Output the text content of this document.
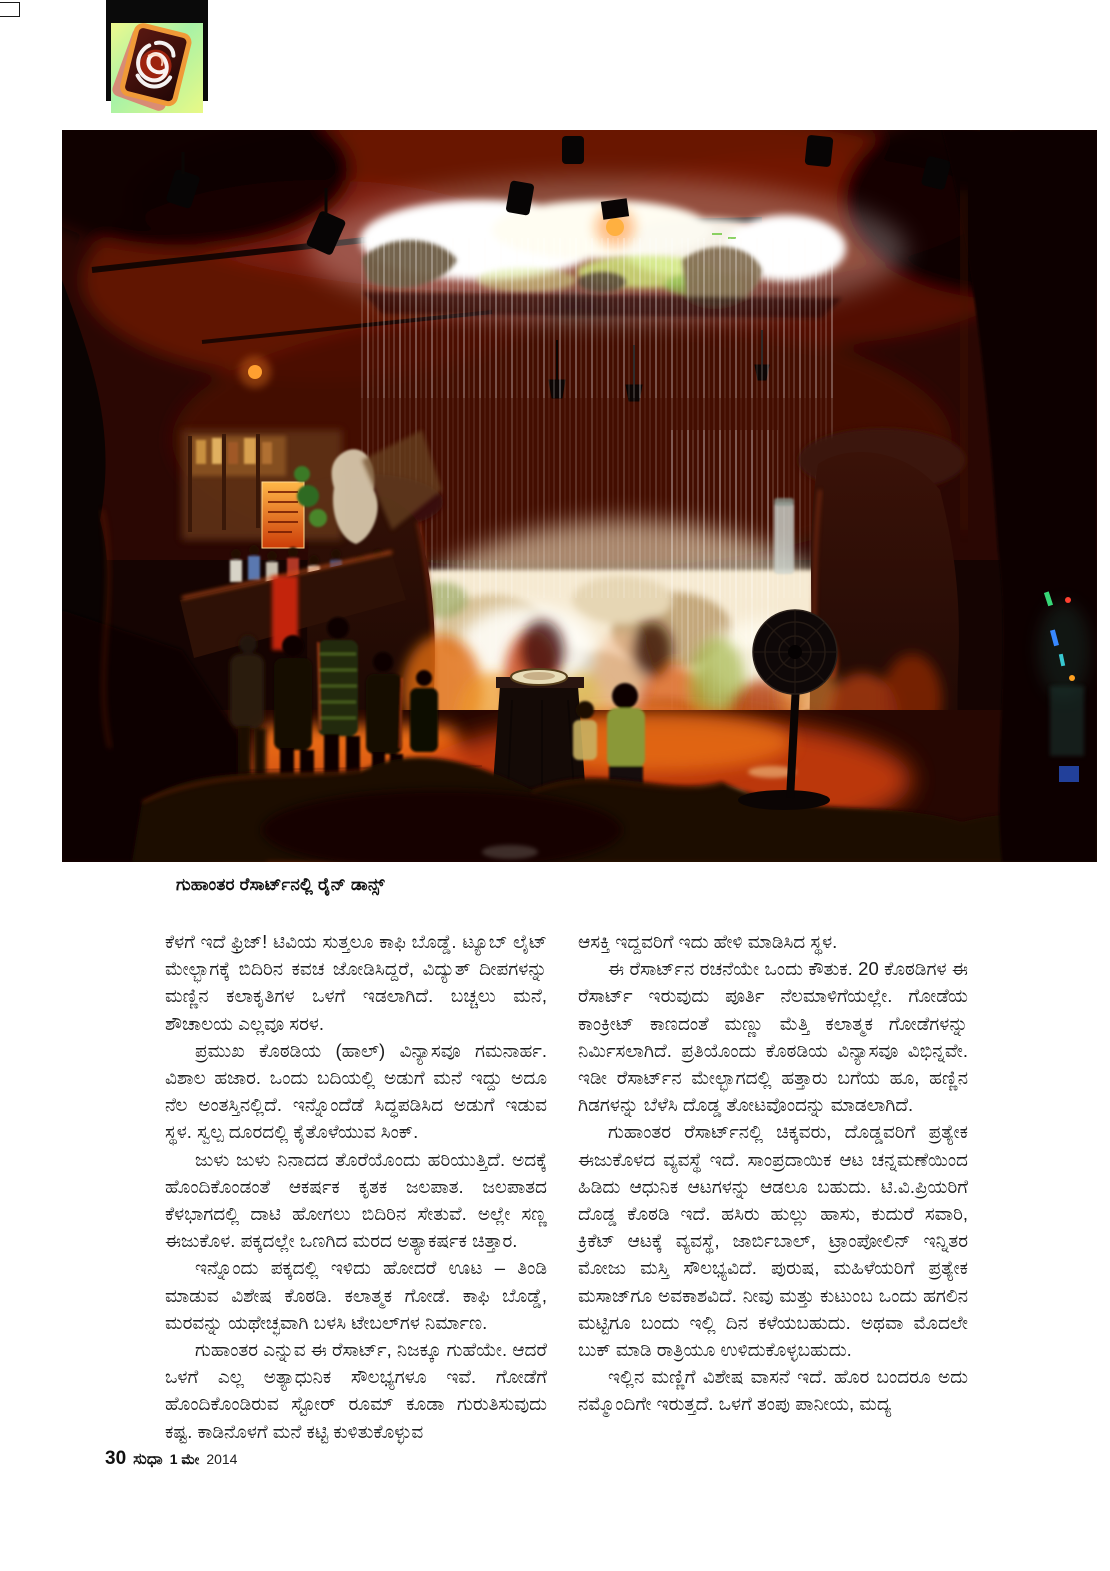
ಗುಹಾಂತರ ರೆಸಾರ್ಟ್‌ನಲ್ಲಿ ರೈನ್ ಡಾನ್ಸ್

ಕೆಳಗೆ ಇದೆ ಫ್ರಿಜ್! ಟಿವಿಯ ಸುತ್ತಲೂ ಕಾಫಿ ಬೊಡ್ಡೆ. ಟ್ಯೂಬ್ ಲೈಟ್ ಮೇಲ್ಭಾಗಕ್ಕೆ ಬಿದಿರಿನ ಕವಚ ಜೋಡಿಸಿದ್ದರೆ, ವಿದ್ಯುತ್ ದೀಪಗಳನ್ನು ಮಣ್ಣಿನ ಕಲಾಕೃತಿಗಳ ಒಳಗೆ ಇಡಲಾಗಿದೆ. ಬಚ್ಚಲು ಮನೆ, ಶೌಚಾಲಯ ಎಲ್ಲವೂ ಸರಳ.

ಪ್ರಮುಖ ಕೊಠಡಿಯ (ಹಾಲ್) ವಿನ್ಯಾಸವೂ ಗಮನಾರ್ಹ. ವಿಶಾಲ ಹಜಾರ. ಒಂದು ಬದಿಯಲ್ಲಿ ಅಡುಗೆ ಮನೆ ಇದ್ದು ಅದೂ ನೆಲ ಅಂತಸ್ತಿನಲ್ಲಿದೆ. ಇನ್ನೊಂದೆಡೆ ಸಿದ್ಧಪಡಿಸಿದ ಅಡುಗೆ ಇಡುವ ಸ್ಥಳ. ಸ್ವಲ್ಪ ದೂರದಲ್ಲಿ ಕೈತೊಳೆಯುವ ಸಿಂಕ್.

ಜುಳು ಜುಳು ನಿನಾದದ ತೊರೆಯೊಂದು ಹರಿಯುತ್ತಿದೆ. ಅದಕ್ಕೆ ಹೊಂದಿಕೊಂಡಂತೆ ಆಕರ್ಷಕ ಕೃತಕ ಜಲಪಾತ. ಜಲಪಾತದ ಕೆಳಭಾಗದಲ್ಲಿ ದಾಟಿ ಹೋಗಲು ಬಿದಿರಿನ ಸೇತುವೆ. ಅಲ್ಲೇ ಸಣ್ಣ ಈಜುಕೊಳ. ಪಕ್ಕದಲ್ಲೇ ಒಣಗಿದ ಮರದ ಅತ್ಯಾಕರ್ಷಕ ಚಿತ್ತಾರ.

ಇನ್ನೊಂದು ಪಕ್ಕದಲ್ಲಿ ಇಳಿದು ಹೋದರೆ ಊಟ – ತಿಂಡಿ ಮಾಡುವ ವಿಶೇಷ ಕೊಠಡಿ. ಕಲಾತ್ಮಕ ಗೋಡೆ. ಕಾಫಿ ಬೊಡ್ಡೆ, ಮರವನ್ನು ಯಥೇಚ್ಛವಾಗಿ ಬಳಸಿ ಟೇಬಲ್‌ಗಳ ನಿರ್ಮಾಣ.

ಗುಹಾಂತರ ಎನ್ನುವ ಈ ರೆಸಾರ್ಟ್, ನಿಜಕ್ಕೂ ಗುಹೆಯೇ. ಆದರೆ ಒಳಗೆ ಎಲ್ಲ ಅತ್ಯಾಧುನಿಕ ಸೌಲಭ್ಯಗಳೂ ಇವೆ. ಗೋಡೆಗೆ ಹೊಂದಿಕೊಂಡಿರುವ ಸ್ಟೋರ್ ರೂಮ್ ಕೂಡಾ ಗುರುತಿಸುವುದು ಕಷ್ಟ. ಕಾಡಿನೊಳಗೆ ಮನೆ ಕಟ್ಟಿ ಕುಳಿತುಕೊಳ್ಳುವ

ಆಸಕ್ತಿ ಇದ್ದವರಿಗೆ ಇದು ಹೇಳಿ ಮಾಡಿಸಿದ ಸ್ಥಳ.

ಈ ರೆಸಾರ್ಟ್‌ನ ರಚನೆಯೇ ಒಂದು ಕೌತುಕ. 20 ಕೊಠಡಿಗಳ ಈ ರೆಸಾರ್ಟ್ ಇರುವುದು ಪೂರ್ತಿ ನೆಲಮಾಳಿಗೆಯಲ್ಲೇ. ಗೋಡೆಯ ಕಾಂಕ್ರೀಟ್ ಕಾಣದಂತೆ ಮಣ್ಣು ಮೆತ್ತಿ ಕಲಾತ್ಮಕ ಗೋಡೆಗಳನ್ನು ನಿರ್ಮಿಸಲಾಗಿದೆ. ಪ್ರತಿಯೊಂದು ಕೊಠಡಿಯ ವಿನ್ಯಾಸವೂ ವಿಭಿನ್ನವೇ. ಇಡೀ ರೆಸಾರ್ಟ್‌ನ ಮೇಲ್ಭಾಗದಲ್ಲಿ ಹತ್ತಾರು ಬಗೆಯ ಹೂ, ಹಣ್ಣಿನ ಗಿಡಗಳನ್ನು ಬೆಳೆಸಿ ದೊಡ್ಡ ತೋಟವೊಂದನ್ನು ಮಾಡಲಾಗಿದೆ.

ಗುಹಾಂತರ ರೆಸಾರ್ಟ್‌ನಲ್ಲಿ ಚಿಕ್ಕವರು, ದೊಡ್ಡವರಿಗೆ ಪ್ರತ್ಯೇಕ ಈಜುಕೊಳದ ವ್ಯವಸ್ಥೆ ಇದೆ. ಸಾಂಪ್ರದಾಯಿಕ ಆಟ ಚನ್ನಮಣೆಯಿಂದ ಹಿಡಿದು ಆಧುನಿಕ ಆಟಗಳನ್ನು ಆಡಲೂ ಬಹುದು. ಟಿ.ವಿ.ಪ್ರಿಯರಿಗೆ ದೊಡ್ಡ ಕೊಠಡಿ ಇದೆ. ಹಸಿರು ಹುಲ್ಲು ಹಾಸು, ಕುದುರೆ ಸವಾರಿ, ಕ್ರಿಕೆಟ್ ಆಟಕ್ಕೆ ವ್ಯವಸ್ಥೆ, ಜಾರ್ಬಿಬಾಲ್, ಟ್ರಾಂಪೋಲಿನ್ ಇನ್ನಿತರ ಮೋಜು ಮಸ್ತಿ ಸೌಲಭ್ಯವಿದೆ. ಪುರುಷ, ಮಹಿಳೆಯರಿಗೆ ಪ್ರತ್ಯೇಕ ಮಸಾಜ್‌ಗೂ ಅವಕಾಶವಿದೆ. ನೀವು ಮತ್ತು ಕುಟುಂಬ ಒಂದು ಹಗಲಿನ ಮಟ್ಟಿಗೂ ಬಂದು ಇಲ್ಲಿ ದಿನ ಕಳೆಯಬಹುದು. ಅಥವಾ ಮೊದಲೇ ಬುಕ್ ಮಾಡಿ ರಾತ್ರಿಯೂ ಉಳಿದುಕೊಳ್ಳಬಹುದು.

ಇಲ್ಲಿನ ಮಣ್ಣಿಗೆ ವಿಶೇಷ ವಾಸನೆ ಇದೆ. ಹೊರ ಬಂದರೂ ಅದು ನಮ್ಮೊಂದಿಗೇ ಇರುತ್ತದೆ. ಒಳಗೆ ತಂಪು ಪಾನೀಯ, ಮದ್ಯ

30 ಸುಧಾ 1 ಮೇ 2014
